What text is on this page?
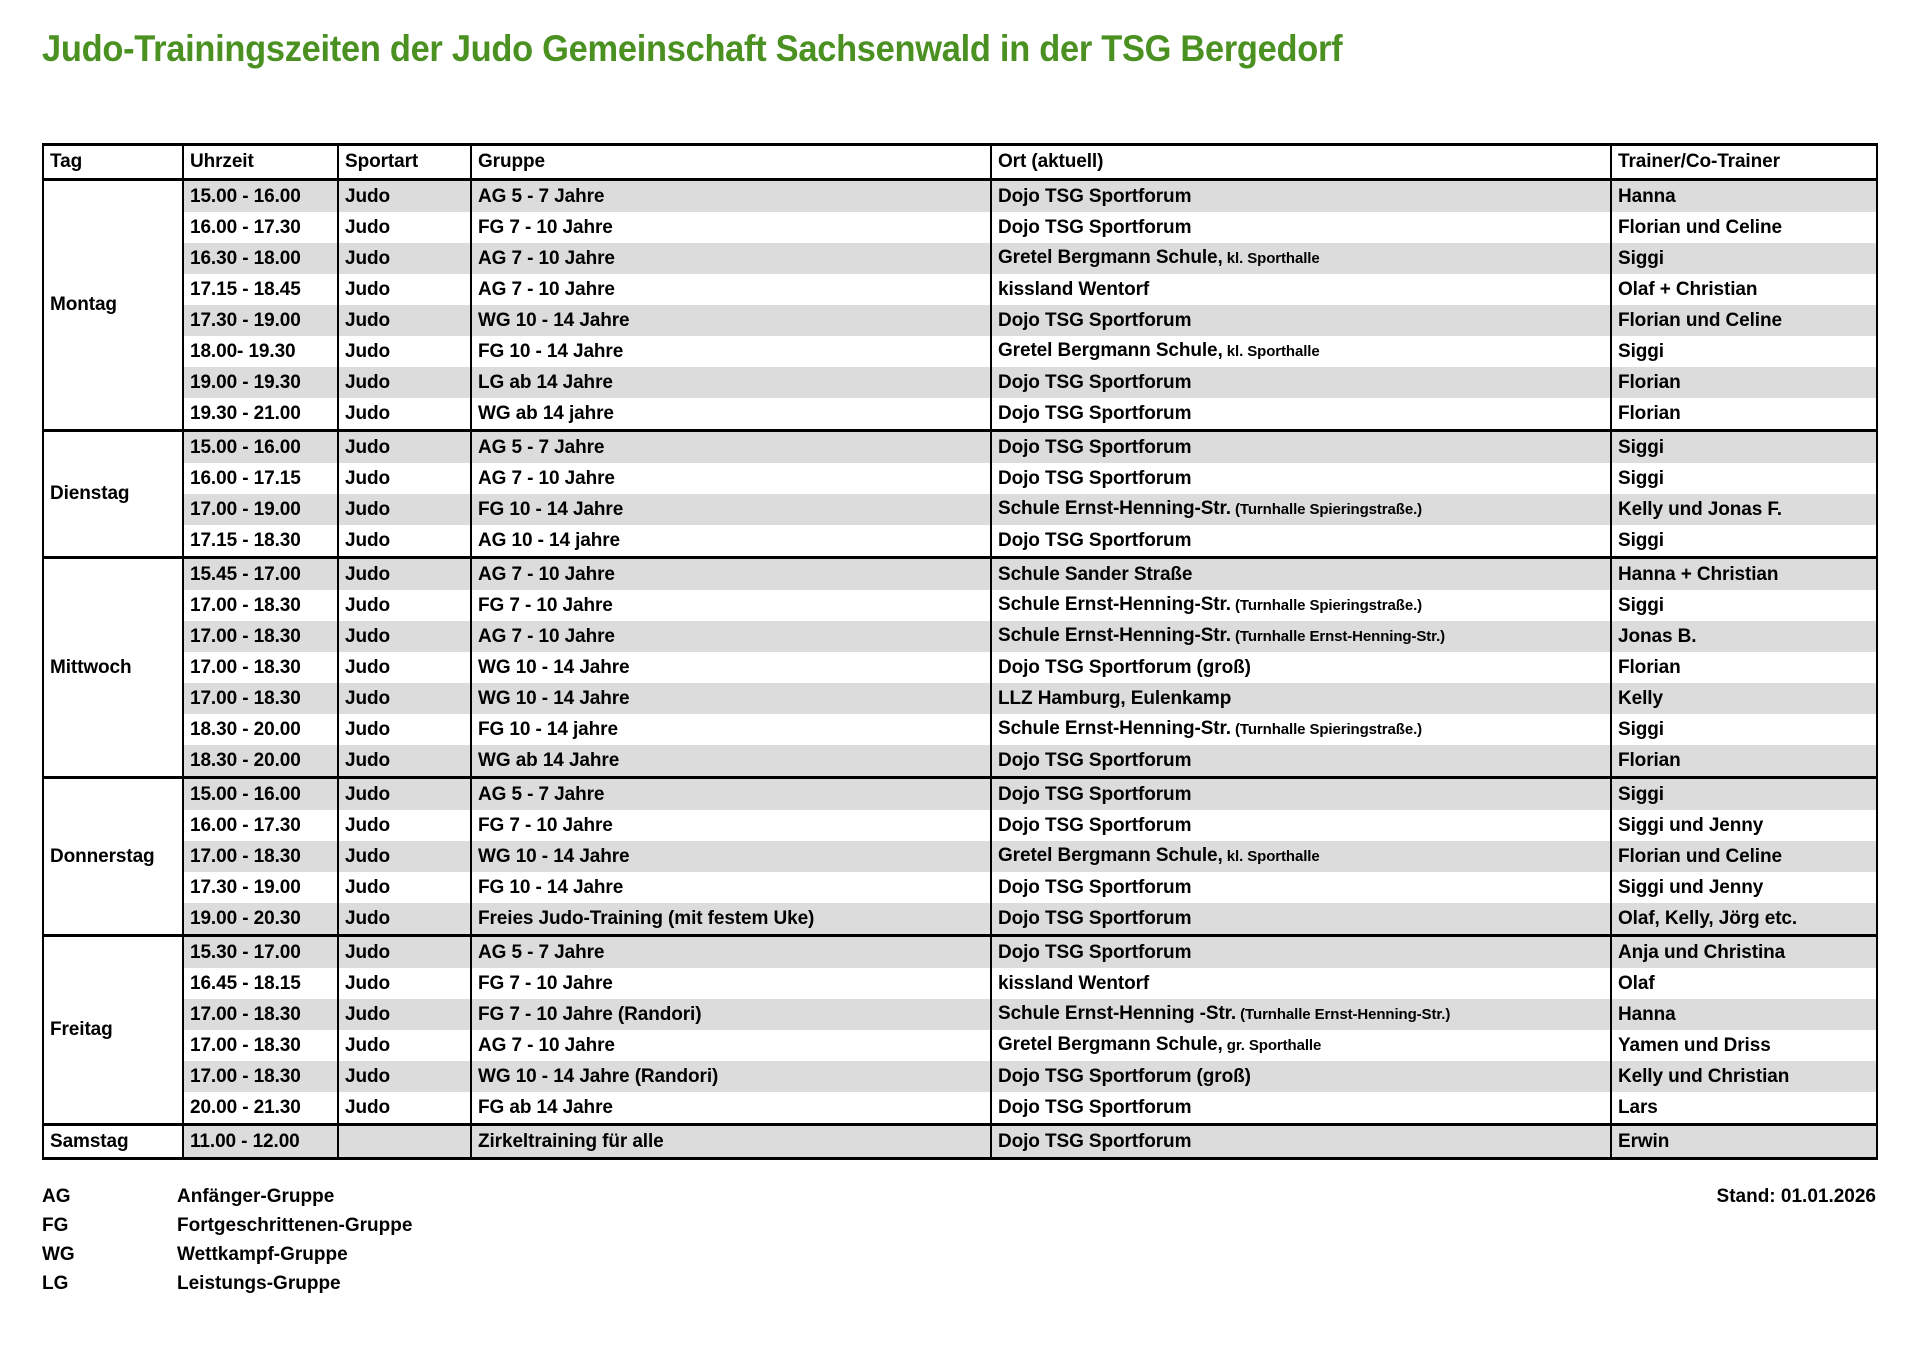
Judo-Trainingszeiten der Judo Gemeinschaft Sachsenwald in der TSG Bergedorf
Tag	Uhrzeit	Sportart	Gruppe	Ort (aktuell)	Trainer/Co-Trainer
Montag	15.00 - 16.00	Judo	AG 5 - 7 Jahre	Dojo TSG Sportforum	Hanna
	16.00 - 17.30	Judo	FG 7 - 10 Jahre	Dojo TSG Sportforum	Florian und Celine
	16.30 - 18.00	Judo	AG 7 - 10 Jahre	Gretel Bergmann Schule, kl. Sporthalle	Siggi
	17.15 - 18.45	Judo	AG 7 - 10 Jahre	kissland Wentorf	Olaf + Christian
	17.30 - 19.00	Judo	WG 10 - 14 Jahre	Dojo TSG Sportforum	Florian und Celine
	18.00- 19.30	Judo	FG 10 - 14 Jahre	Gretel Bergmann Schule, kl. Sporthalle	Siggi
	19.00 - 19.30	Judo	LG ab 14 Jahre	Dojo TSG Sportforum	Florian
	19.30 - 21.00	Judo	WG ab 14 jahre	Dojo TSG Sportforum	Florian
Dienstag	15.00 - 16.00	Judo	AG 5 - 7 Jahre	Dojo TSG Sportforum	Siggi
	16.00 - 17.15	Judo	AG 7 - 10 Jahre	Dojo TSG Sportforum	Siggi
	17.00 - 19.00	Judo	FG 10 - 14 Jahre	Schule Ernst-Henning-Str. (Turnhalle Spieringstraße.)	Kelly und Jonas F.
	17.15 - 18.30	Judo	AG 10 - 14 jahre	Dojo TSG Sportforum	Siggi
Mittwoch	15.45 - 17.00	Judo	AG 7 - 10 Jahre	Schule Sander Straße	Hanna + Christian
	17.00 - 18.30	Judo	FG 7 - 10 Jahre	Schule Ernst-Henning-Str. (Turnhalle Spieringstraße.)	Siggi
	17.00 - 18.30	Judo	AG 7 - 10 Jahre	Schule Ernst-Henning-Str. (Turnhalle Ernst-Henning-Str.)	Jonas B.
	17.00 - 18.30	Judo	WG 10 - 14 Jahre	Dojo TSG Sportforum (groß)	Florian
	17.00 - 18.30	Judo	WG 10 - 14 Jahre	LLZ Hamburg, Eulenkamp	Kelly
	18.30 - 20.00	Judo	FG 10 - 14 jahre	Schule Ernst-Henning-Str. (Turnhalle Spieringstraße.)	Siggi
	18.30 - 20.00	Judo	WG ab 14 Jahre	Dojo TSG Sportforum	Florian
Donnerstag	15.00 - 16.00	Judo	AG 5 - 7 Jahre	Dojo TSG Sportforum	Siggi
	16.00 - 17.30	Judo	FG 7 - 10 Jahre	Dojo TSG Sportforum	Siggi und Jenny
	17.00 - 18.30	Judo	WG 10 - 14 Jahre	Gretel Bergmann Schule, kl. Sporthalle	Florian und Celine
	17.30 - 19.00	Judo	FG 10 - 14 Jahre	Dojo TSG Sportforum	Siggi und Jenny
	19.00 - 20.30	Judo	Freies Judo-Training (mit festem Uke)	Dojo TSG Sportforum	Olaf, Kelly, Jörg etc.
Freitag	15.30 - 17.00	Judo	AG 5 - 7 Jahre	Dojo TSG Sportforum	Anja und Christina
	16.45 - 18.15	Judo	FG 7 - 10 Jahre	kissland Wentorf	Olaf
	17.00 - 18.30	Judo	FG 7 - 10 Jahre (Randori)	Schule Ernst-Henning -Str. (Turnhalle Ernst-Henning-Str.)	Hanna
	17.00 - 18.30	Judo	AG 7 - 10 Jahre	Gretel Bergmann Schule, gr. Sporthalle	Yamen und Driss
	17.00 - 18.30	Judo	WG 10 - 14 Jahre (Randori)	Dojo TSG Sportforum (groß)	Kelly und Christian
	20.00 - 21.30	Judo	FG ab 14 Jahre	Dojo TSG Sportforum	Lars
Samstag	11.00 - 12.00		Zirkeltraining für alle	Dojo TSG Sportforum	Erwin
AG	Anfänger-Gruppe
FG	Fortgeschrittenen-Gruppe
WG	Wettkampf-Gruppe
LG	Leistungs-Gruppe
Stand: 01.01.2026
